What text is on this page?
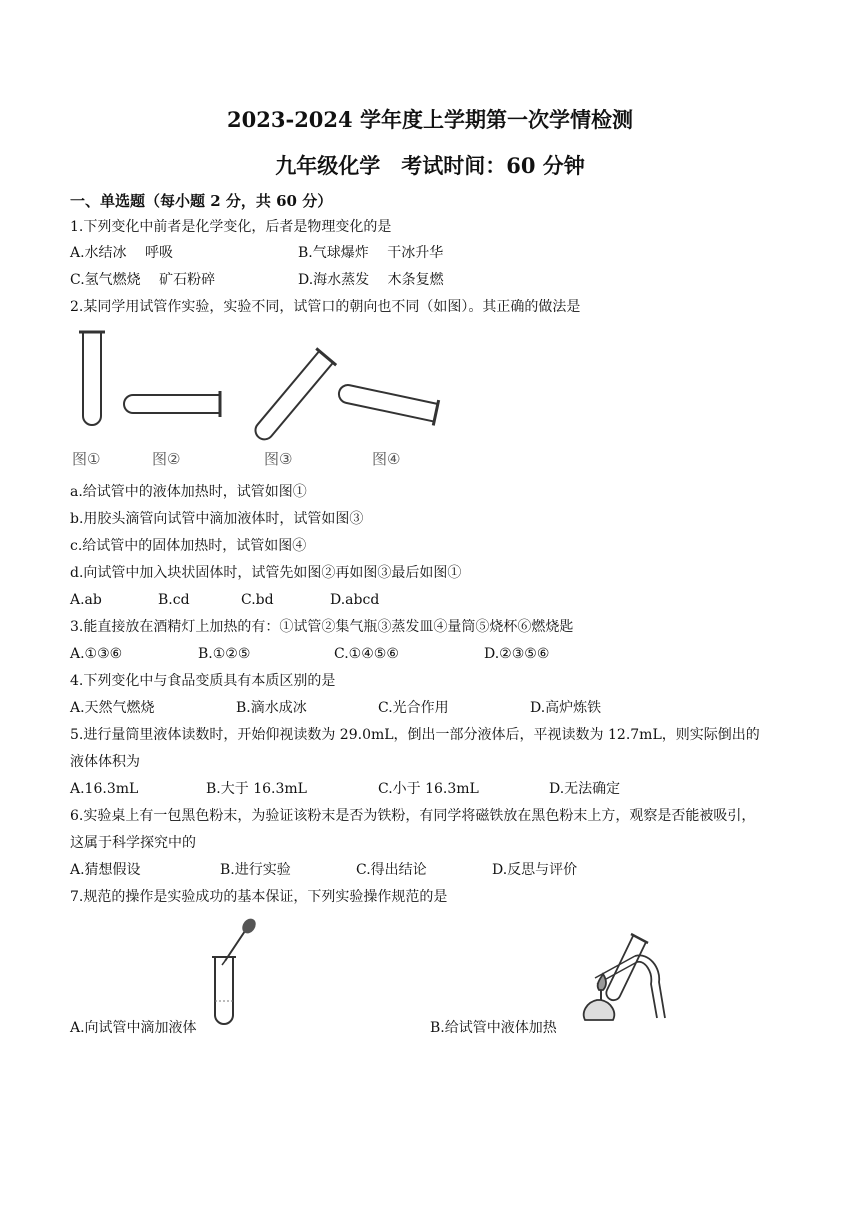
2023-2024 学年度上学期第一次学情检测
九年级化学　考试时间：60 分钟
一、单选题（每小题 2 分，共 60 分）
1.下列变化中前者是化学变化，后者是物理变化的是
A.水结冰　 呼吸	B.气球爆炸　 干冰升华
C.氢气燃烧　 矿石粉碎	D.海水蒸发　 木条复燃
2.某同学用试管作实验，实验不同，试管口的朝向也不同（如图）。其正确的做法是
图①	图②	图③	图④
a.给试管中的液体加热时，试管如图①
b.用胶头滴管向试管中滴加液体时，试管如图③
c.给试管中的固体加热时，试管如图④
d.向试管中加入块状固体时，试管先如图②再如图③最后如图①
A.ab	B.cd	C.bd	D.abcd
3.能直接放在酒精灯上加热的有：①试管②集气瓶③蒸发皿④量筒⑤烧杯⑥燃烧匙
A.①③⑥	B.①②⑤	C.①④⑤⑥	D.②③⑤⑥
4.下列变化中与食品变质具有本质区别的是
A.天然气燃烧	B.滴水成冰	C.光合作用	D.高炉炼铁
5.进行量筒里液体读数时，开始仰视读数为 29.0mL，倒出一部分液体后，平视读数为 12.7mL，则实际倒出的
液体体积为
A.16.3mL	B.大于 16.3mL	C.小于 16.3mL	D.无法确定
6.实验桌上有一包黑色粉末，为验证该粉末是否为铁粉，有同学将磁铁放在黑色粉末上方，观察是否能被吸引，
这属于科学探究中的
A.猜想假设	B.进行实验	C.得出结论	D.反思与评价
7.规范的操作是实验成功的基本保证，下列实验操作规范的是
A.向试管中滴加液体	B.给试管中液体加热
